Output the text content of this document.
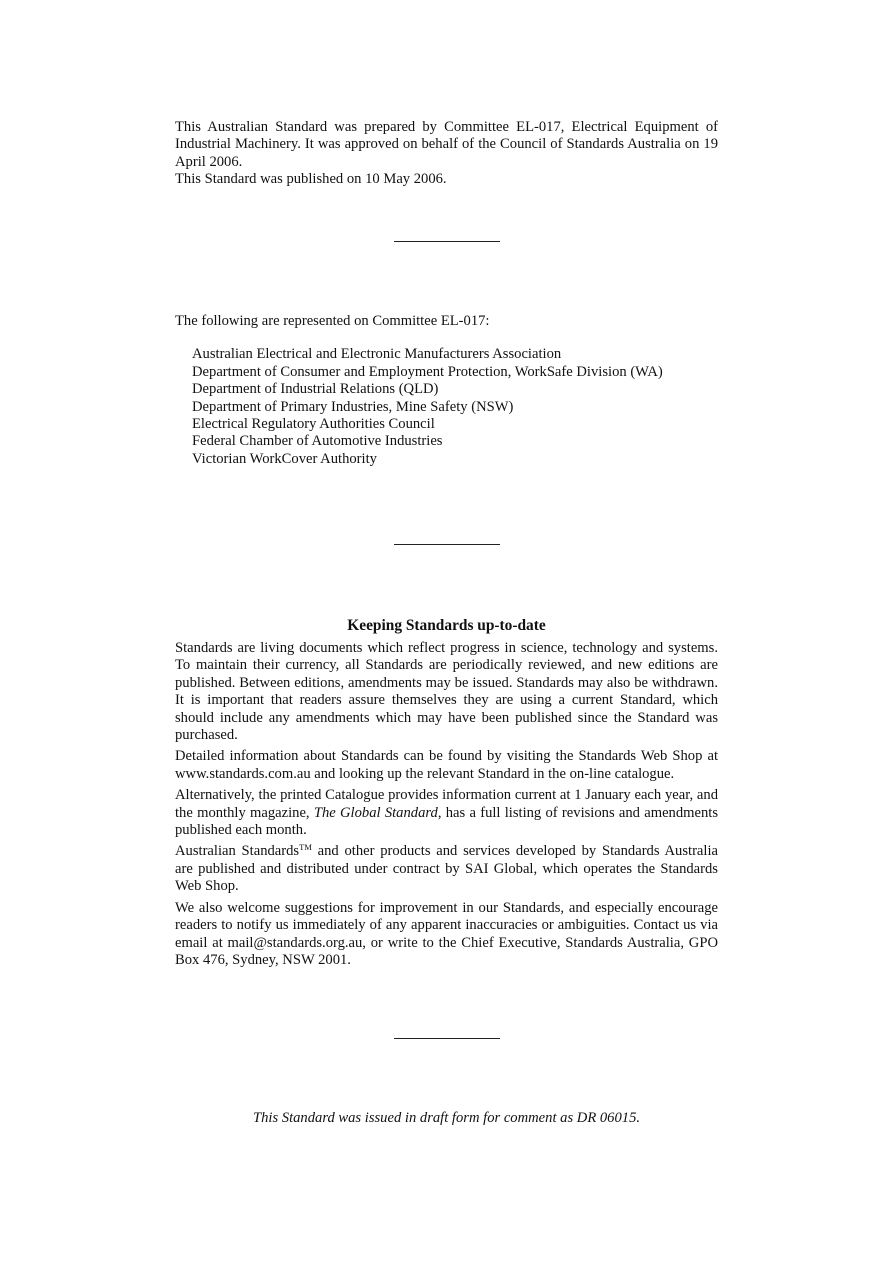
This Australian Standard was prepared by Committee EL-017, Electrical Equipment of Industrial Machinery. It was approved on behalf of the Council of Standards Australia on 19 April 2006.

This Standard was published on 10 May 2006.

The following are represented on Committee EL-017:

Australian Electrical and Electronic Manufacturers Association
Department of Consumer and Employment Protection, WorkSafe Division (WA)
Department of Industrial Relations (QLD)
Department of Primary Industries, Mine Safety (NSW)
Electrical Regulatory Authorities Council
Federal Chamber of Automotive Industries
Victorian WorkCover Authority
Keeping Standards up-to-date

Standards are living documents which reflect progress in science, technology and systems. To maintain their currency, all Standards are periodically reviewed, and new editions are published. Between editions, amendments may be issued. Standards may also be withdrawn. It is important that readers assure themselves they are using a current Standard, which should include any amendments which may have been published since the Standard was purchased.

Detailed information about Standards can be found by visiting the Standards Web Shop at www.standards.com.au and looking up the relevant Standard in the on-line catalogue.

Alternatively, the printed Catalogue provides information current at 1 January each year, and the monthly magazine, The Global Standard, has a full listing of revisions and amendments published each month.

Australian Standards™ and other products and services developed by Standards Australia are published and distributed under contract by SAI Global, which operates the Standards Web Shop.

We also welcome suggestions for improvement in our Standards, and especially encourage readers to notify us immediately of any apparent inaccuracies or ambiguities. Contact us via email at mail@standards.org.au, or write to the Chief Executive, Standards Australia, GPO Box 476, Sydney, NSW 2001.

This Standard was issued in draft form for comment as DR 06015.
